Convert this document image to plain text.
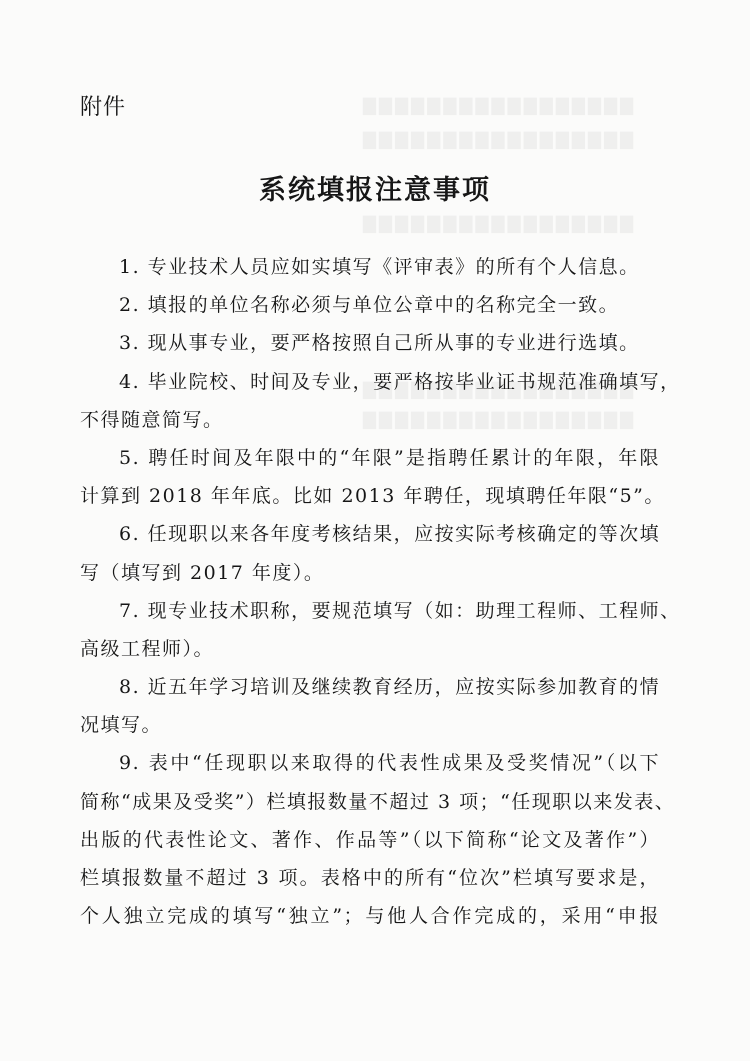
附件
系统填报注意事项
1. 专业技术人员应如实填写《评审表》的所有个人信息。
2. 填报的单位名称必须与单位公章中的名称完全一致。
3. 现从事专业，要严格按照自己所从事的专业进行选填。
4. 毕业院校、时间及专业，要严格按毕业证书规范准确填写，
不得随意简写。
5. 聘任时间及年限中的“年限”是指聘任累计的年限，年限
计算到 2018 年年底。比如 2013 年聘任，现填聘任年限“5”。
6. 任现职以来各年度考核结果，应按实际考核确定的等次填
写（填写到 2017 年度）。
7. 现专业技术职称，要规范填写（如：助理工程师、工程师、
高级工程师）。
8. 近五年学习培训及继续教育经历，应按实际参加教育的情
况填写。
9. 表中“任现职以来取得的代表性成果及受奖情况”（以下
简称“成果及受奖”）栏填报数量不超过 3 项；“任现职以来发表、
出版的代表性论文、著作、作品等”（以下简称“论文及著作”）
栏填报数量不超过 3 项。表格中的所有“位次”栏填写要求是，
个人独立完成的填写“独立”；与他人合作完成的，采用“申报
